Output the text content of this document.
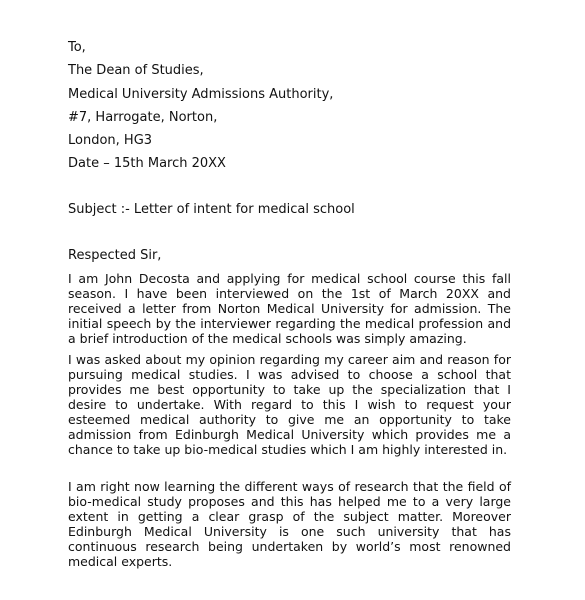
To,
The Dean of Studies,
Medical University Admissions Authority,
#7, Harrogate, Norton,
London, HG3
Date – 15th March 20XX
Subject :- Letter of intent for medical school
Respected Sir,

I am John Decosta and applying for medical school course this fall season. I have been interviewed on the 1st of March 20XX and received a letter from Norton Medical University for admission. The initial speech by the interviewer regarding the medical profession and a brief introduction of the medical schools was simply amazing.

I was asked about my opinion regarding my career aim and reason for pursuing medical studies. I was advised to choose a school that provides me best opportunity to take up the specialization that I desire to undertake. With regard to this I wish to request your esteemed medical authority to give me an opportunity to take admission from Edinburgh Medical University which provides me a chance to take up bio-medical studies which I am highly interested in.

I am right now learning the different ways of research that the field of bio-medical study proposes and this has helped me to a very large extent in getting a clear grasp of the subject matter. Moreover Edinburgh Medical University is one such university that has continuous research being undertaken by world’s most renowned medical experts.
